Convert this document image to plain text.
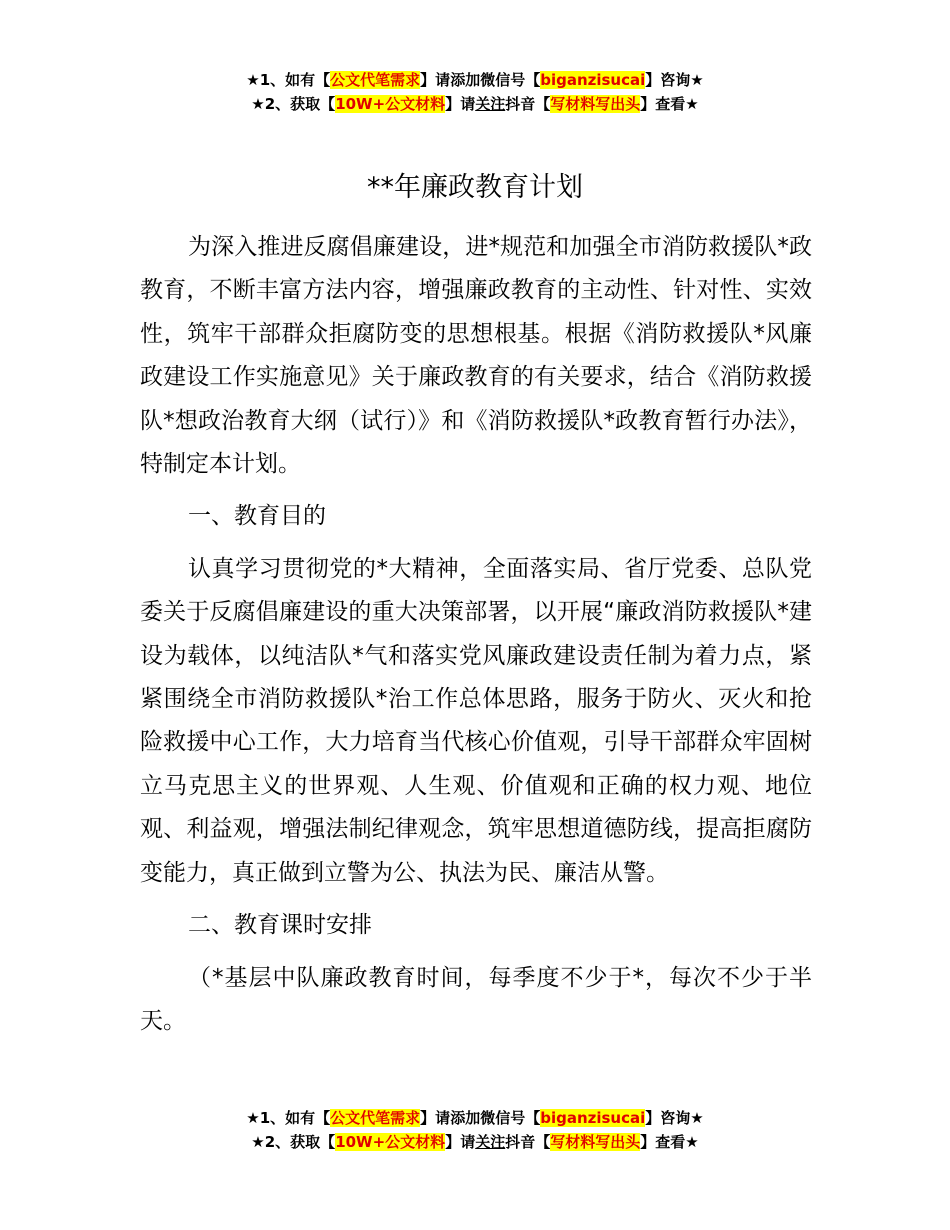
★1、如有【公文代笔需求】请添加微信号【biganzisucai】咨询★
★2、获取【10W+公文材料】请关注抖音【写材料写出头】查看★
**年廉政教育计划

为深入推进反腐倡廉建设，进*规范和加强全市消防救援队*政教育，不断丰富方法内容，增强廉政教育的主动性、针对性、实效性，筑牢干部群众拒腐防变的思想根基。根据《消防救援队*风廉政建设工作实施意见》关于廉政教育的有关要求，结合《消防救援队*想政治教育大纲（试行）》和《消防救援队*政教育暂行办法》，特制定本计划。

一、教育目的

认真学习贯彻党的*大精神，全面落实局、省厅党委、总队党委关于反腐倡廉建设的重大决策部署，以开展“廉政消防救援队*建设为载体，以纯洁队*气和落实党风廉政建设责任制为着力点，紧紧围绕全市消防救援队*治工作总体思路，服务于防火、灭火和抢险救援中心工作，大力培育当代核心价值观，引导干部群众牢固树立马克思主义的世界观、人生观、价值观和正确的权力观、地位观、利益观，增强法制纪律观念，筑牢思想道德防线，提高拒腐防变能力，真正做到立警为公、执法为民、廉洁从警。

二、教育课时安排

（*基层中队廉政教育时间，每季度不少于*，每次不少于半天。

★1、如有【公文代笔需求】请添加微信号【biganzisucai】咨询★
★2、获取【10W+公文材料】请关注抖音【写材料写出头】查看★
